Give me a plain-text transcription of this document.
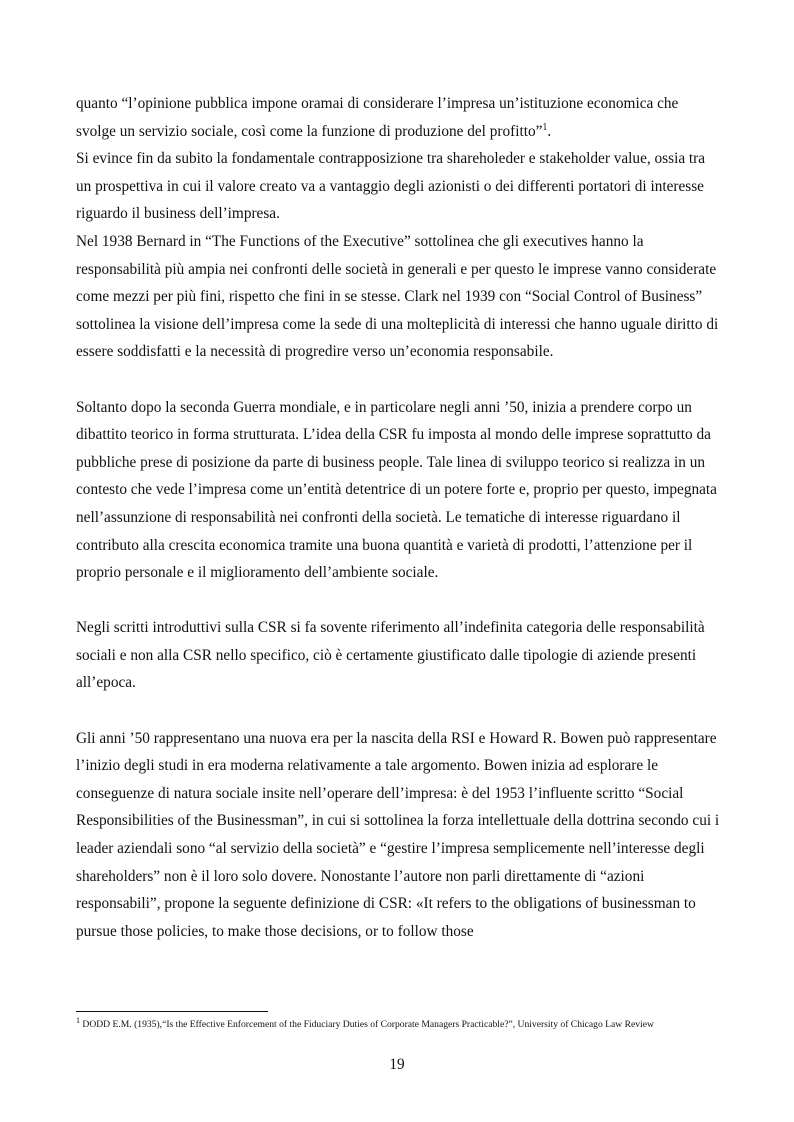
quanto “l’opinione pubblica impone oramai di considerare l’impresa un’istituzione economica che svolge un servizio sociale, così come la funzione di produzione del profitto”$^1$.

Si evince fin da subito la fondamentale contrapposizione tra shareholeder e stakeholder value, ossia tra un prospettiva in cui il valore creato va a vantaggio degli azionisti o dei differenti portatori di interesse riguardo il business dell’impresa.

Nel 1938 Bernard in “The Functions of the Executive” sottolinea che gli executives hanno la responsabilità più ampia nei confronti delle società in generali e per questo le imprese vanno considerate come mezzi per più fini, rispetto che fini in se stesse. Clark nel 1939 con “Social Control of Business” sottolinea la visione dell’impresa come la sede di una molteplicità di interessi che hanno uguale diritto di essere soddisfatti e la necessità di progredire verso un’economia responsabile.

Soltanto dopo la seconda Guerra mondiale, e in particolare negli anni ’50, inizia a prendere corpo un dibattito teorico in forma strutturata. L’idea della CSR fu imposta al mondo delle imprese soprattutto da pubbliche prese di posizione da parte di business people. Tale linea di sviluppo teorico si realizza in un contesto che vede l’impresa come un’entità detentrice di un potere forte e, proprio per questo, impegnata nell’assunzione di responsabilità nei confronti della società. Le tematiche di interesse riguardano il contributo alla crescita economica tramite una buona quantità e varietà di prodotti, l’attenzione per il proprio personale e il miglioramento dell’ambiente sociale.

Negli scritti introduttivi sulla CSR si fa sovente riferimento all’indefinita categoria delle responsabilità sociali e non alla CSR nello specifico, ciò è certamente giustificato dalle tipologie di aziende presenti all’epoca.

Gli anni ’50 rappresentano una nuova era per la nascita della RSI e Howard R. Bowen può rappresentare l’inizio degli studi in era moderna relativamente a tale argomento. Bowen inizia ad esplorare le conseguenze di natura sociale insite nell’operare dell’impresa: è del 1953 l’influente scritto “Social Responsibilities of the Businessman”, in cui si sottolinea la forza intellettuale della dottrina secondo cui i leader aziendali sono “al servizio della società” e “gestire l’impresa semplicemente nell’interesse degli shareholders” non è il loro solo dovere. Nonostante l’autore non parli direttamente di “azioni responsabili”, propone la seguente definizione di CSR: «It refers to the obligations of businessman to pursue those policies, to make those decisions, or to follow those

$^1$ DODD E.M. (1935),“Is the Effective Enforcement of the Fiduciary Duties of Corporate Managers Practicable?”, University of Chicago Law Review
19
